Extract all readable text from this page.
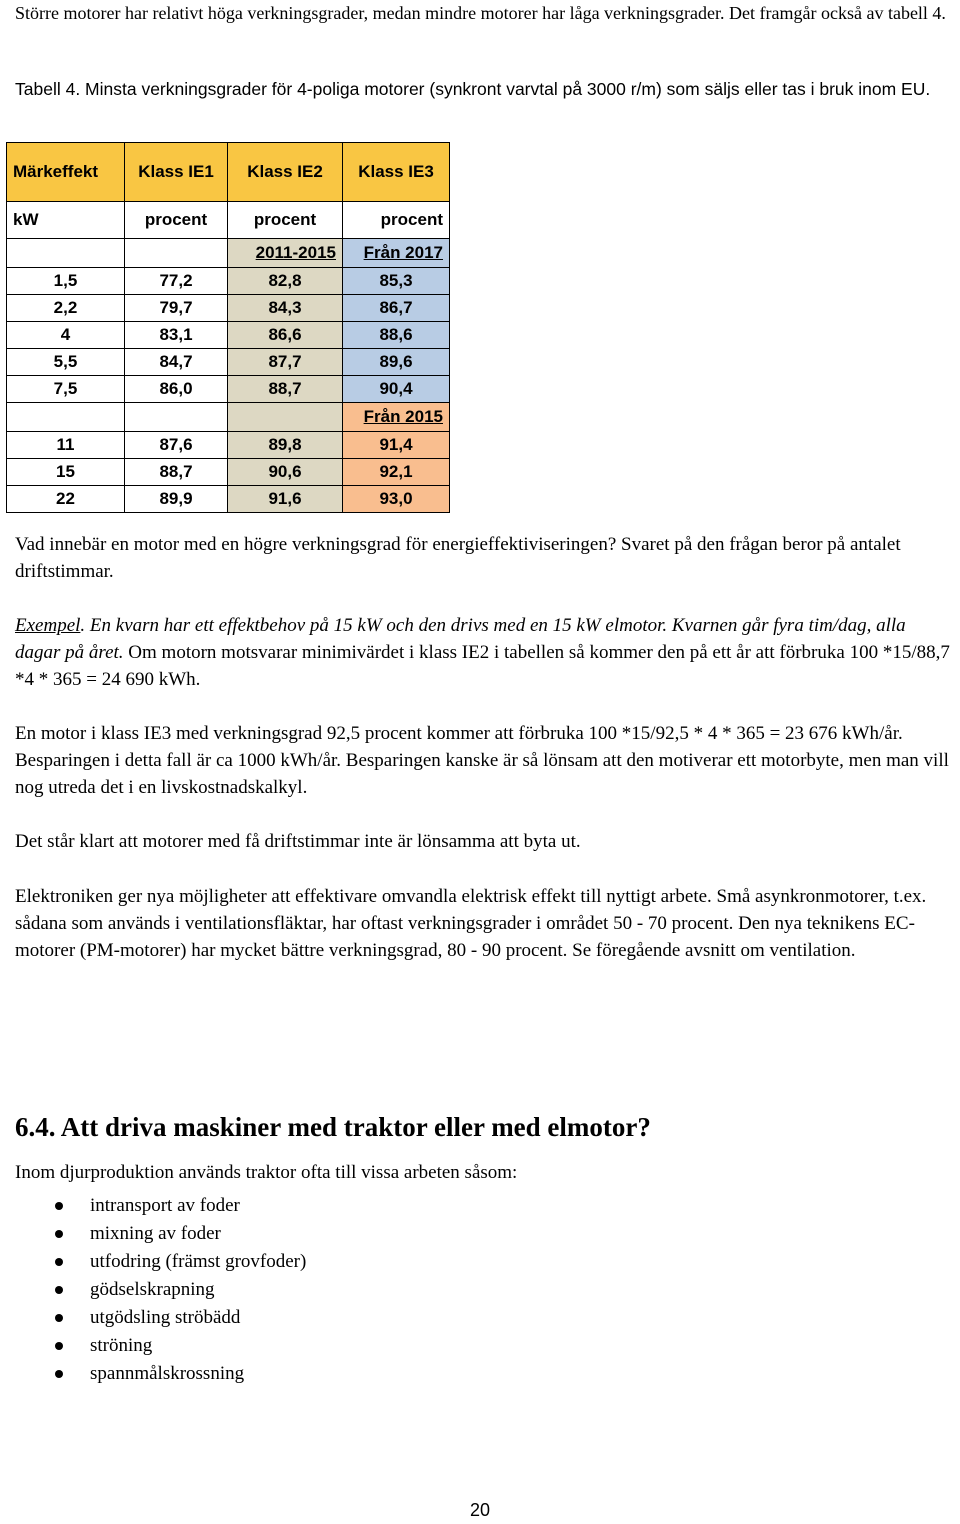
Större motorer har relativt höga verkningsgrader, medan mindre motorer har låga verkningsgrader. Det framgår också av tabell 4.

Tabell 4. Minsta verkningsgrader för 4-poliga motorer (synkront varvtal på 3000 r/m) som säljs eller tas i bruk inom EU.

Märkeffekt	Klass IE1	Klass IE2	Klass IE3
kW	procent	procent	procent
		2011-2015	Från 2017
1,5	77,2	82,8	85,3
2,2	79,7	84,3	86,7
4	83,1	86,6	88,6
5,5	84,7	87,7	89,6
7,5	86,0	88,7	90,4
			Från 2015
11	87,6	89,8	91,4
15	88,7	90,6	92,1
22	89,9	91,6	93,0

Vad innebär en motor med en högre verkningsgrad för energieffektiviseringen? Svaret på den frågan beror på antalet driftstimmar.

Exempel. En kvarn har ett effektbehov på 15 kW och den drivs med en 15 kW elmotor. Kvarnen går fyra tim/dag, alla dagar på året. Om motorn motsvarar minimivärdet i klass IE2 i tabellen så kommer den på ett år att förbruka 100 *15/88,7 *4 * 365 = 24 690 kWh.

En motor i klass IE3 med verkningsgrad 92,5 procent kommer att förbruka 100 *15/92,5 * 4 * 365 = 23 676 kWh/år. Besparingen i detta fall är ca 1000 kWh/år. Besparingen kanske är så lönsam att den motiverar ett motorbyte, men man vill nog utreda det i en livskostnadskalkyl.

Det står klart att motorer med få driftstimmar inte är lönsamma att byta ut.

Elektroniken ger nya möjligheter att effektivare omvandla elektrisk effekt till nyttigt arbete. Små asynkronmotorer, t.ex. sådana som används i ventilationsfläktar, har oftast verkningsgrader i området 50 - 70 procent. Den nya teknikens EC-motorer (PM-motorer) har mycket bättre verkningsgrad, 80 - 90 procent. Se föregående avsnitt om ventilation.

6.4. Att driva maskiner med traktor eller med elmotor?

Inom djurproduktion används traktor ofta till vissa arbeten såsom:

intransport av foder
mixning av foder
utfodring (främst grovfoder)
gödselskrapning
utgödsling ströbädd
ströning
spannmålskrossning
20
